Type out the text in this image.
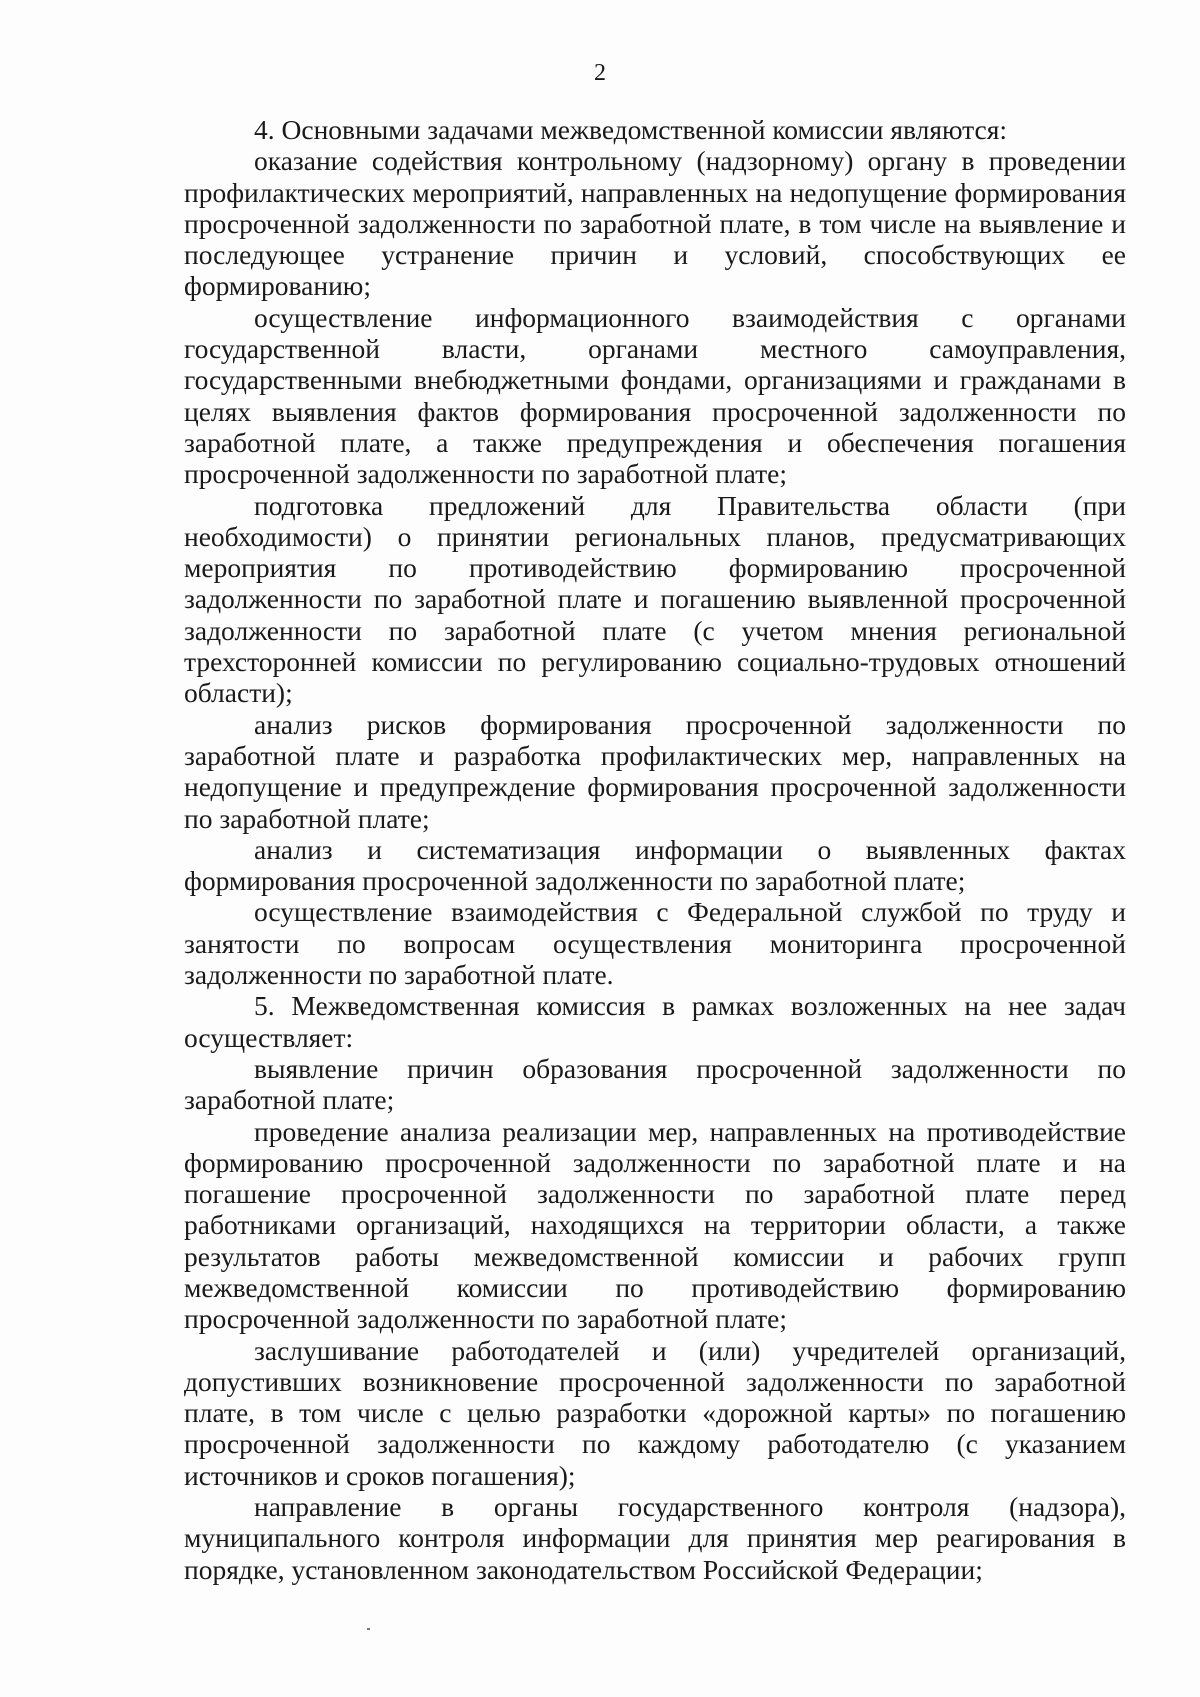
2

4. Основными задачами межведомственной комиссии являются:

оказание содействия контрольному (надзорному) органу в проведении профилактических мероприятий, направленных на недопущение формирования просроченной задолженности по заработной плате, в том числе на выявление и последующее устранение причин и условий, способствующих ее формированию;

осуществление информационного взаимодействия с органами государственной власти, органами местного самоуправления, государственными внебюджетными фондами, организациями и гражданами в целях выявления фактов формирования просроченной задолженности по заработной плате, а также предупреждения и обеспечения погашения просроченной задолженности по заработной плате;

подготовка предложений для Правительства области (при необходимости) о принятии региональных планов, предусматривающих мероприятия по противодействию формированию просроченной задолженности по заработной плате и погашению выявленной просроченной задолженности по заработной плате (с учетом мнения региональной трехсторонней комиссии по регулированию социально-трудовых отношений области);

анализ рисков формирования просроченной задолженности по заработной плате и разработка профилактических мер, направленных на недопущение и предупреждение формирования просроченной задолженности по заработной плате;

анализ и систематизация информации о выявленных фактах формирования просроченной задолженности по заработной плате;

осуществление взаимодействия с Федеральной службой по труду и занятости по вопросам осуществления мониторинга просроченной задолженности по заработной плате.

5. Межведомственная комиссия в рамках возложенных на нее задач осуществляет:

выявление причин образования просроченной задолженности по заработной плате;

проведение анализа реализации мер, направленных на противодействие формированию просроченной задолженности по заработной плате и на погашение просроченной задолженности по заработной плате перед работниками организаций, находящихся на территории области, а также результатов работы межведомственной комиссии и рабочих групп межведомственной комиссии по противодействию формированию просроченной задолженности по заработной плате;

заслушивание работодателей и (или) учредителей организаций, допустивших возникновение просроченной задолженности по заработной плате, в том числе с целью разработки «дорожной карты» по погашению просроченной задолженности по каждому работодателю (с указанием источников и сроков погашения);

направление в органы государственного контроля (надзора), муниципального контроля информации для принятия мер реагирования в порядке, установленном законодательством Российской Федерации;
